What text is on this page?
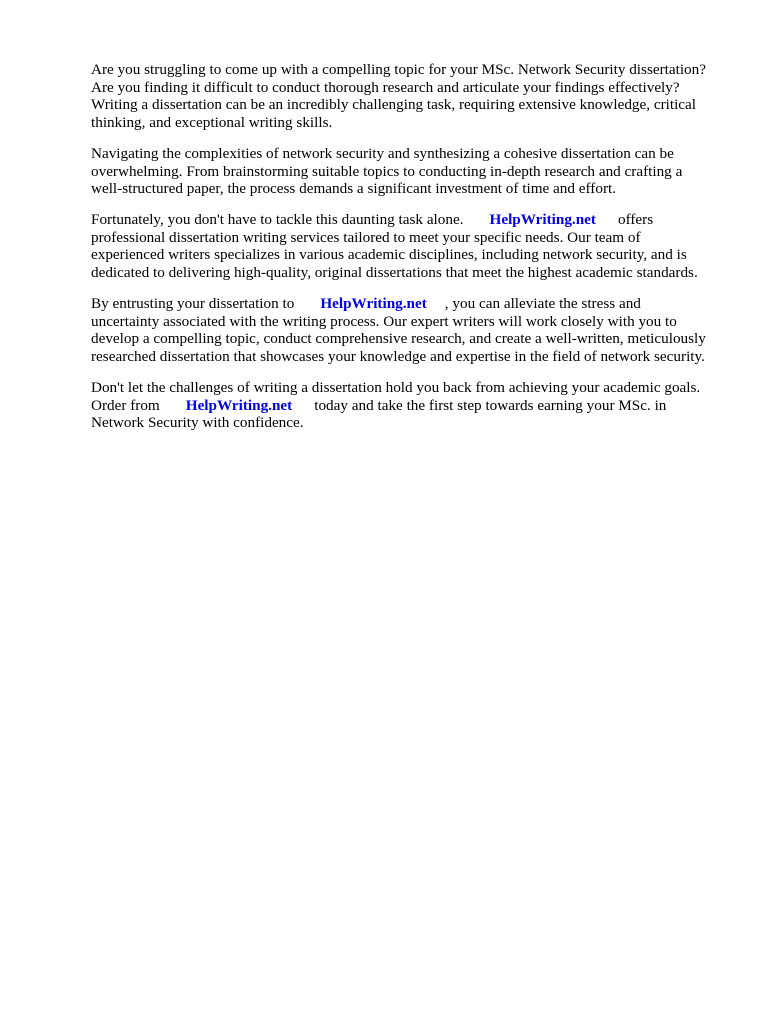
Are you struggling to come up with a compelling topic for your MSc. Network Security dissertation?
Are you finding it difficult to conduct thorough research and articulate your findings effectively?
Writing a dissertation can be an incredibly challenging task, requiring extensive knowledge, critical
thinking, and exceptional writing skills.
Navigating the complexities of network security and synthesizing a cohesive dissertation can be
overwhelming. From brainstorming suitable topics to conducting in-depth research and crafting a
well-structured paper, the process demands a significant investment of time and effort.
Fortunately, you don't have to tackle this daunting task alone. HelpWriting.net offers
professional dissertation writing services tailored to meet your specific needs. Our team of
experienced writers specializes in various academic disciplines, including network security, and is
dedicated to delivering high-quality, original dissertations that meet the highest academic standards.
By entrusting your dissertation to HelpWriting.net , you can alleviate the stress and
uncertainty associated with the writing process. Our expert writers will work closely with you to
develop a compelling topic, conduct comprehensive research, and create a well-written, meticulously
researched dissertation that showcases your knowledge and expertise in the field of network security.
Don't let the challenges of writing a dissertation hold you back from achieving your academic goals.
Order from HelpWriting.net today and take the first step towards earning your MSc. in
Network Security with confidence.
